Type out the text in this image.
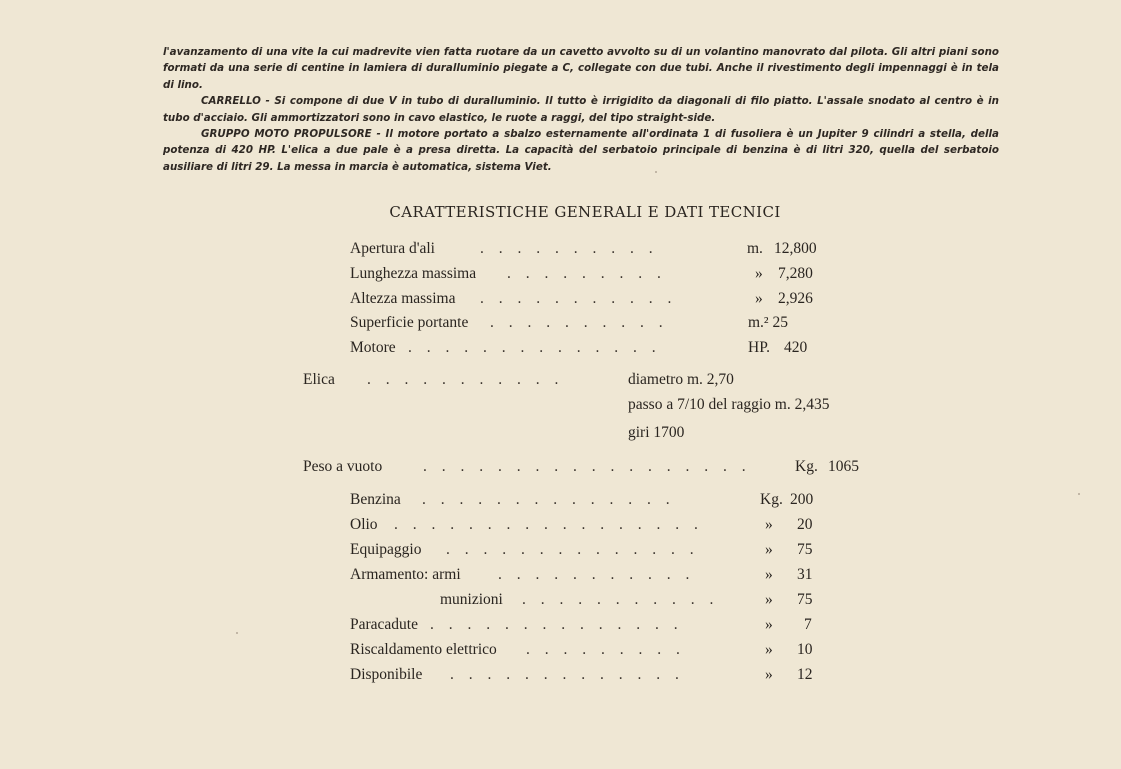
l'avanzamento di una vite la cui madrevite vien fatta ruotare da un cavetto avvolto su di un volantino manovrato dal pilota. Gli altri piani sono formati da una serie di centine in lamiera di duralluminio piegate a C, collegate con due tubi. Anche il rivestimento degli impennaggi è in tela di lino.

CARRELLO - Si compone di due V in tubo di duralluminio. Il tutto è irrigidito da diagonali di filo piatto. L'assale snodato al centro è in tubo d'acciaio. Gli ammortizzatori sono in cavo elastico, le ruote a raggi, del tipo straight-side.

GRUPPO MOTO PROPULSORE - Il motore portato a sbalzo esternamente all'ordinata 1 di fusoliera è un Jupiter 9 cilindri a stella, della potenza di 420 HP. L'elica a due pale è a presa diretta. La capacità del serbatoio principale di benzina è di litri 320, quella del serbatoio ausiliare di litri 29. La messa in marcia è automatica, sistema Viet.

CARATTERISTICHE GENERALI E DATI TECNICI
Apertura d'ali	. . . . . . . . . .	m. 12,800
Lunghezza massima . . . . . . . . .	» 7,280
Altezza massima . . . . . . . . . . .	» 2,926
Superficie portante . . . . . . . . . .	m.² 25
Motore . . . . . . . . . . . . . .	HP. 420
Elica . . . . . . . . . . .	diametro m. 2,70
passo a 7/10 del raggio m. 2,435
giri 1700
Peso a vuoto	. . . . . . . . . . . . . . . . . .	Kg. 1065
Benzina . . . . . . . . . . . . . .	Kg. 200
Olio . . . . . . . . . . . . . . . . .	» 20
Equipaggio . . . . . . . . . . . . . .	» 75
Armamento: armi . . . . . . . . . . .	» 31
munizioni . . . . . . . . . . .	» 75
Paracadute . . . . . . . . . . . . . .	» 7
Riscaldamento elettrico . . . . . . . . .	» 10
Disponibile . . . . . . . . . . . . .	» 12
